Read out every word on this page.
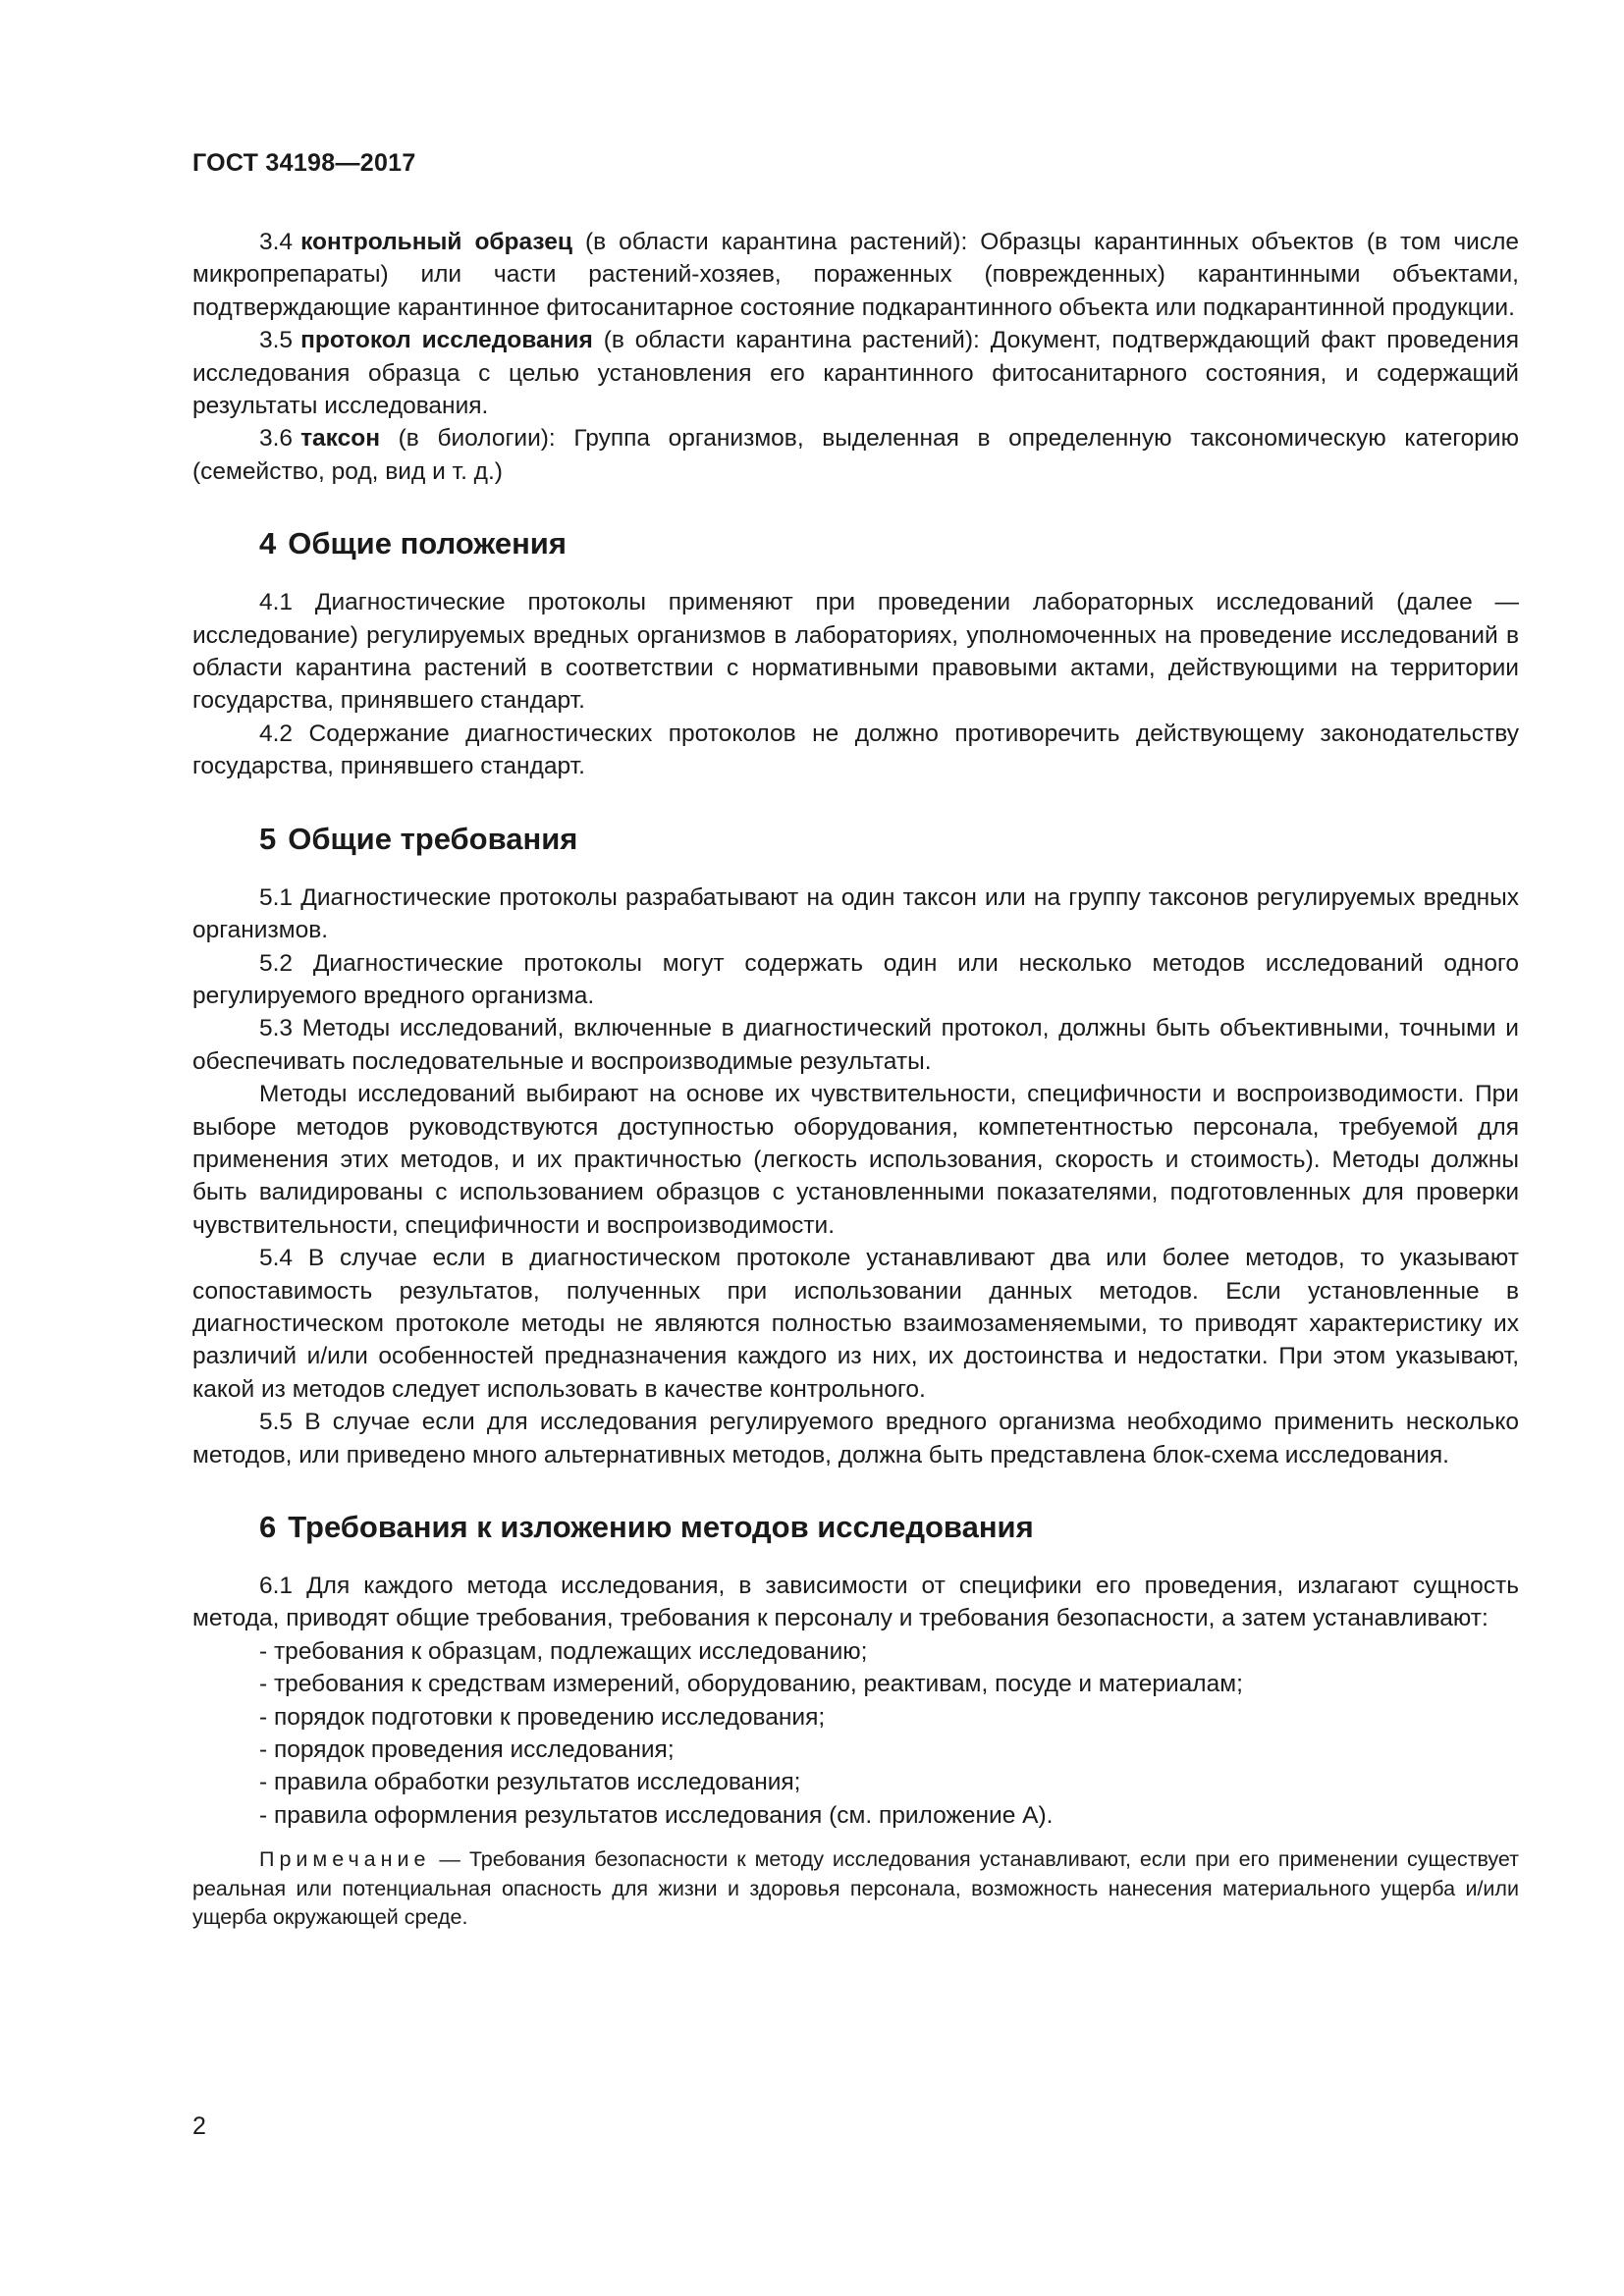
ГОСТ 34198—2017

3.4 контрольный образец (в области карантина растений): Образцы карантинных объектов (в том числе микропрепараты) или части растений-хозяев, пораженных (поврежденных) карантинными объектами, подтверждающие карантинное фитосанитарное состояние подкарантинного объекта или подкарантинной продукции.

3.5 протокол исследования (в области карантина растений): Документ, подтверждающий факт проведения исследования образца с целью установления его карантинного фитосанитарного состояния, и содержащий результаты исследования.

3.6 таксон (в биологии): Группа организмов, выделенная в определенную таксономическую категорию (семейство, род, вид и т. д.)

4 Общие положения

4.1 Диагностические протоколы применяют при проведении лабораторных исследований (далее — исследование) регулируемых вредных организмов в лабораториях, уполномоченных на проведение исследований в области карантина растений в соответствии с нормативными правовыми актами, действующими на территории государства, принявшего стандарт.

4.2 Содержание диагностических протоколов не должно противоречить действующему законодательству государства, принявшего стандарт.

5 Общие требования

5.1 Диагностические протоколы разрабатывают на один таксон или на группу таксонов регулируемых вредных организмов.

5.2 Диагностические протоколы могут содержать один или несколько методов исследований одного регулируемого вредного организма.

5.3 Методы исследований, включенные в диагностический протокол, должны быть объективными, точными и обеспечивать последовательные и воспроизводимые результаты.

Методы исследований выбирают на основе их чувствительности, специфичности и воспроизводимости. При выборе методов руководствуются доступностью оборудования, компетентностью персонала, требуемой для применения этих методов, и их практичностью (легкость использования, скорость и стоимость). Методы должны быть валидированы с использованием образцов с установленными показателями, подготовленных для проверки чувствительности, специфичности и воспроизводимости.

5.4 В случае если в диагностическом протоколе устанавливают два или более методов, то указывают сопоставимость результатов, полученных при использовании данных методов. Если установленные в диагностическом протоколе методы не являются полностью взаимозаменяемыми, то приводят характеристику их различий и/или особенностей предназначения каждого из них, их достоинства и недостатки. При этом указывают, какой из методов следует использовать в качестве контрольного.

5.5 В случае если для исследования регулируемого вредного организма необходимо применить несколько методов, или приведено много альтернативных методов, должна быть представлена блок-схема исследования.

6 Требования к изложению методов исследования

6.1 Для каждого метода исследования, в зависимости от специфики его проведения, излагают сущность метода, приводят общие требования, требования к персоналу и требования безопасности, а затем устанавливают:

- требования к образцам, подлежащих исследованию;
- требования к средствам измерений, оборудованию, реактивам, посуде и материалам;
- порядок подготовки к проведению исследования;
- порядок проведения исследования;
- правила обработки результатов исследования;
- правила оформления результатов исследования (см. приложение А).

Примечание — Требования безопасности к методу исследования устанавливают, если при его применении существует реальная или потенциальная опасность для жизни и здоровья персонала, возможность нанесения материального ущерба и/или ущерба окружающей среде.

2
